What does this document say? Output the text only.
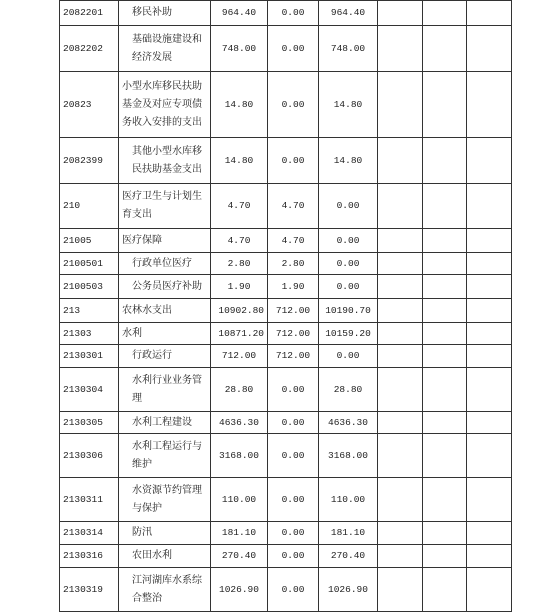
2082201	移民补助	964.40	0.00	964.40			
2082202	基础设施建设和经济发展	748.00	0.00	748.00			
20823	小型水库移民扶助基金及对应专项债务收入安排的支出	14.80	0.00	14.80			
2082399	其他小型水库移民扶助基金支出	14.80	0.00	14.80			
210	医疗卫生与计划生育支出	4.70	4.70	0.00			
21005	医疗保障	4.70	4.70	0.00			
2100501	行政单位医疗	2.80	2.80	0.00			
2100503	公务员医疗补助	1.90	1.90	0.00			
213	农林水支出	10902.80	712.00	10190.70			
21303	水利	10871.20	712.00	10159.20			
2130301	行政运行	712.00	712.00	0.00			
2130304	水利行业业务管理	28.80	0.00	28.80			
2130305	水利工程建设	4636.30	0.00	4636.30			
2130306	水利工程运行与维护	3168.00	0.00	3168.00			
2130311	水资源节约管理与保护	110.00	0.00	110.00			
2130314	防汛	181.10	0.00	181.10			
2130316	农田水利	270.40	0.00	270.40			
2130319	江河湖库水系综合整治	1026.90	0.00	1026.90			
